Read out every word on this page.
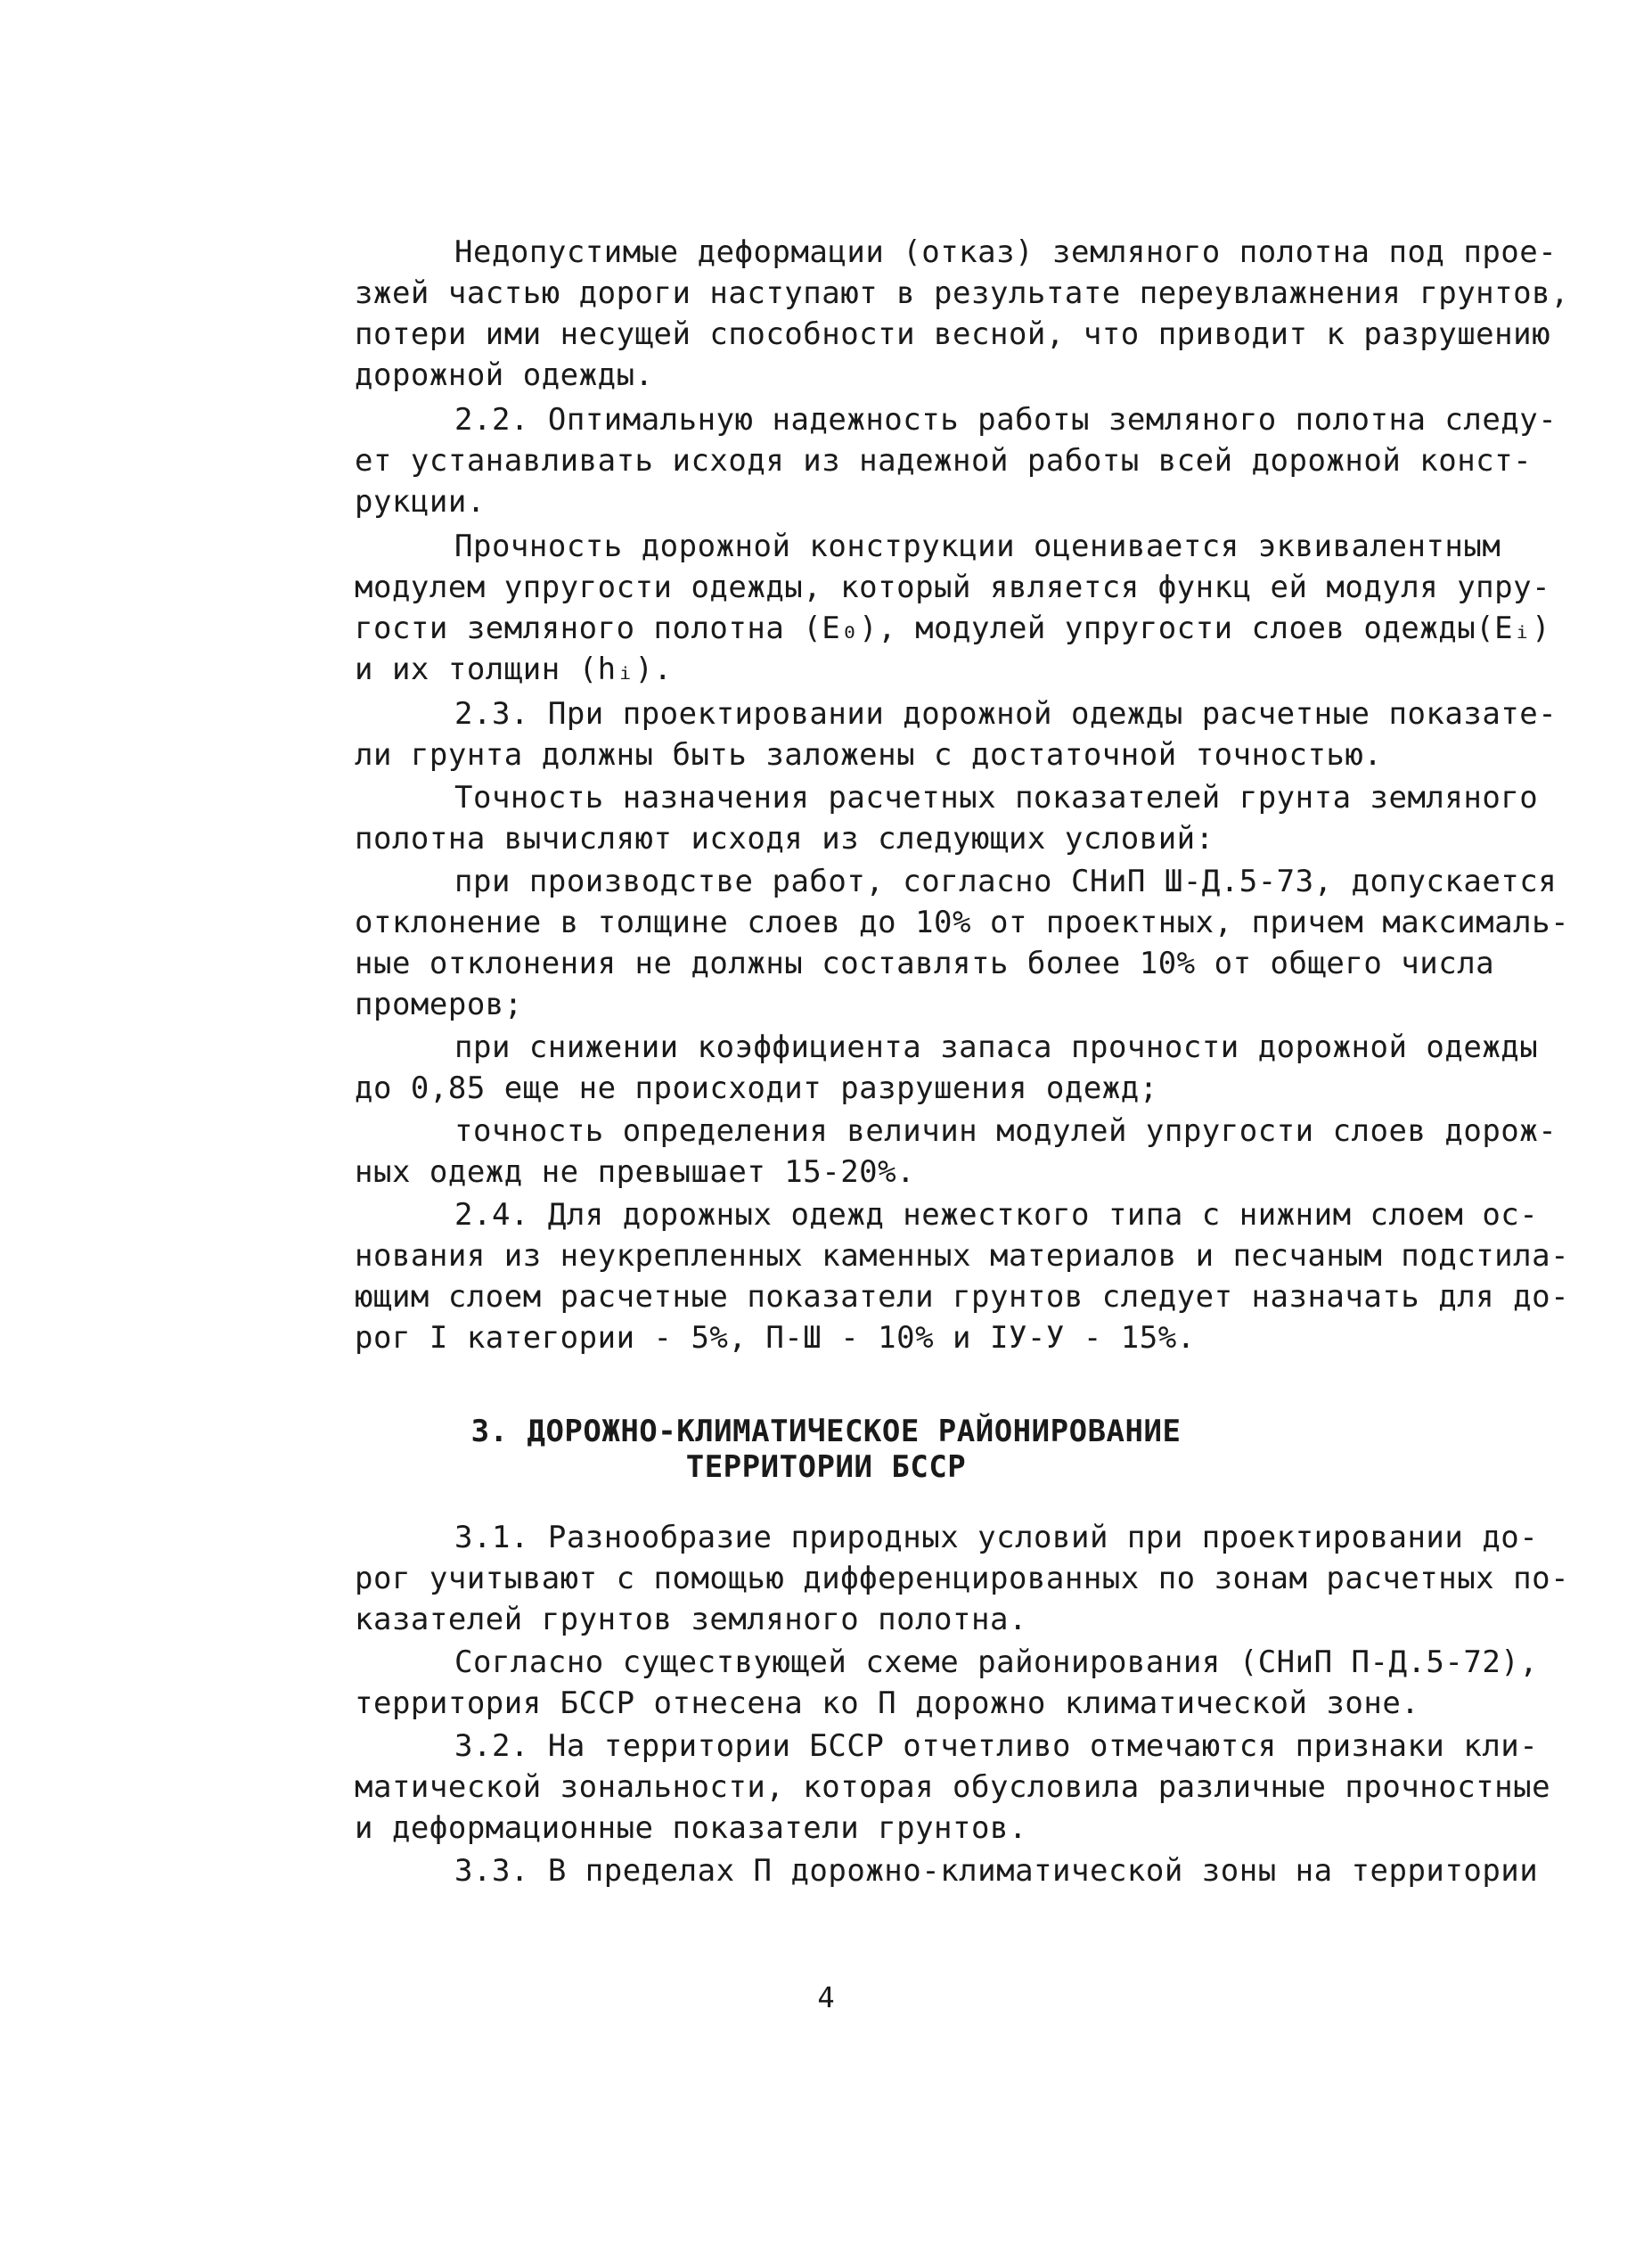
Недопустимые деформации (отказ) земляного полотна под прое-
зжей частью дороги наступают в результате переувлажнения грунтов,
потери ими несущей способности весной, что приводит к разрушению
дорожной одежды.
2.2. Оптимальную надежность работы земляного полотна следу-
ет устанавливать исходя из надежной работы всей дорожной конст-
рукции.
Прочность дорожной конструкции оценивается эквивалентным
модулем упругости одежды, который является функц ей модуля упру-
гости земляного полотна (E₀), модулей упругости слоев одежды(Eᵢ)
и их толщин (hᵢ).
2.3. При проектировании дорожной одежды расчетные показате-
ли грунта должны быть заложены с достаточной точностью.
Точность назначения расчетных показателей грунта земляного
полотна вычисляют исходя из следующих условий:
при производстве работ, согласно СНиП Ш-Д.5-73, допускается
отклонение в толщине слоев до 10% от проектных, причем максималь-
ные отклонения не должны составлять более 10% от общего числа
промеров;
при снижении коэффициента запаса прочности дорожной одежды
до 0,85 еще не происходит разрушения одежд;
точность определения величин модулей упругости слоев дорож-
ных одежд не превышает 15-20%.
2.4. Для дорожных одежд нежесткого типа с нижним слоем ос-
нования из неукрепленных каменных материалов и песчаным подстила-
ющим слоем расчетные показатели грунтов следует назначать для до-
рог I категории - 5%, П-Ш - 10% и IУ-У - 15%.
3. ДОРОЖНО-КЛИМАТИЧЕСКОЕ РАЙОНИРОВАНИЕ
ТЕРРИТОРИИ БССР
3.1. Разнообразие природных условий при проектировании до-
рог учитывают с помощью дифференцированных по зонам расчетных по-
казателей грунтов земляного полотна.
Согласно существующей схеме районирования (СНиП П-Д.5-72),
территория БССР отнесена ко П дорожно климатической зоне.
3.2. На территории БССР отчетливо отмечаются признаки кли-
матической зональности, которая обусловила различные прочностные
и деформационные показатели грунтов.
3.3. В пределах П дорожно-климатической зоны на территории
4
